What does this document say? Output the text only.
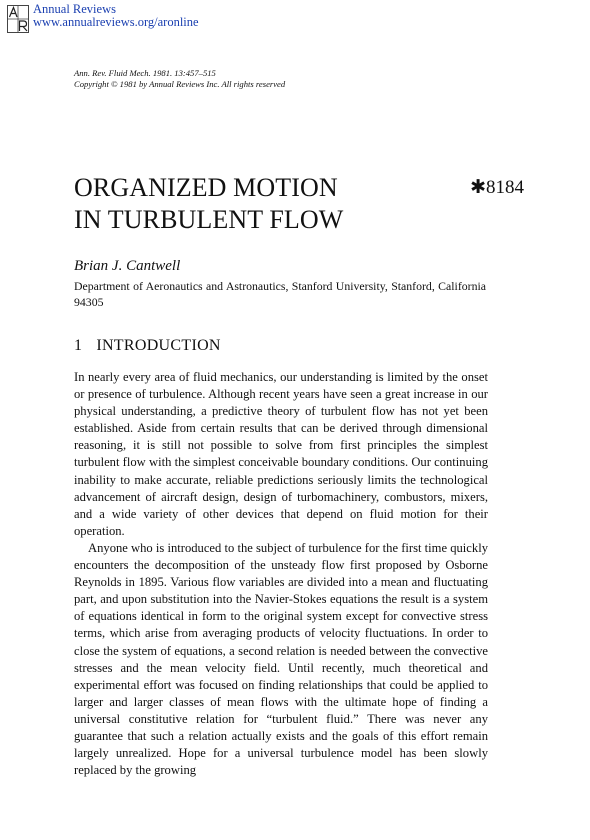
Annual Reviews
www.annualreviews.org/aronline
Ann. Rev. Fluid Mech. 1981. 13:457–515
Copyright © 1981 by Annual Reviews Inc. All rights reserved
ORGANIZED MOTION
IN TURBULENT FLOW
✱8184
Brian J. Cantwell
Department of Aeronautics and Astronautics, Stanford University, Stanford, California 94305
1 INTRODUCTION

In nearly every area of fluid mechanics, our understanding is limited by the onset or presence of turbulence. Although recent years have seen a great increase in our physical understanding, a predictive theory of turbulent flow has not yet been established. Aside from certain results that can be derived through dimensional reasoning, it is still not possible to solve from first principles the simplest turbulent flow with the simplest conceivable boundary conditions. Our continuing inability to make accurate, reliable predictions seriously limits the technological advancement of aircraft design, design of turbomachinery, combustors, mixers, and a wide variety of other devices that depend on fluid motion for their operation.

Anyone who is introduced to the subject of turbulence for the first time quickly encounters the decomposition of the unsteady flow first proposed by Osborne Reynolds in 1895. Various flow variables are divided into a mean and fluctuating part, and upon substitution into the Navier-Stokes equations the result is a system of equations identical in form to the original system except for convective stress terms, which arise from averaging products of velocity fluctuations. In order to close the system of equations, a second relation is needed between the convective stresses and the mean velocity field. Until recently, much theoretical and experimental effort was focused on finding relationships that could be applied to larger and larger classes of mean flows with the ultimate hope of finding a universal constitutive relation for “turbulent fluid.” There was never any guarantee that such a relation actually exists and the goals of this effort remain largely unrealized. Hope for a universal turbulence model has been slowly replaced by the growing
